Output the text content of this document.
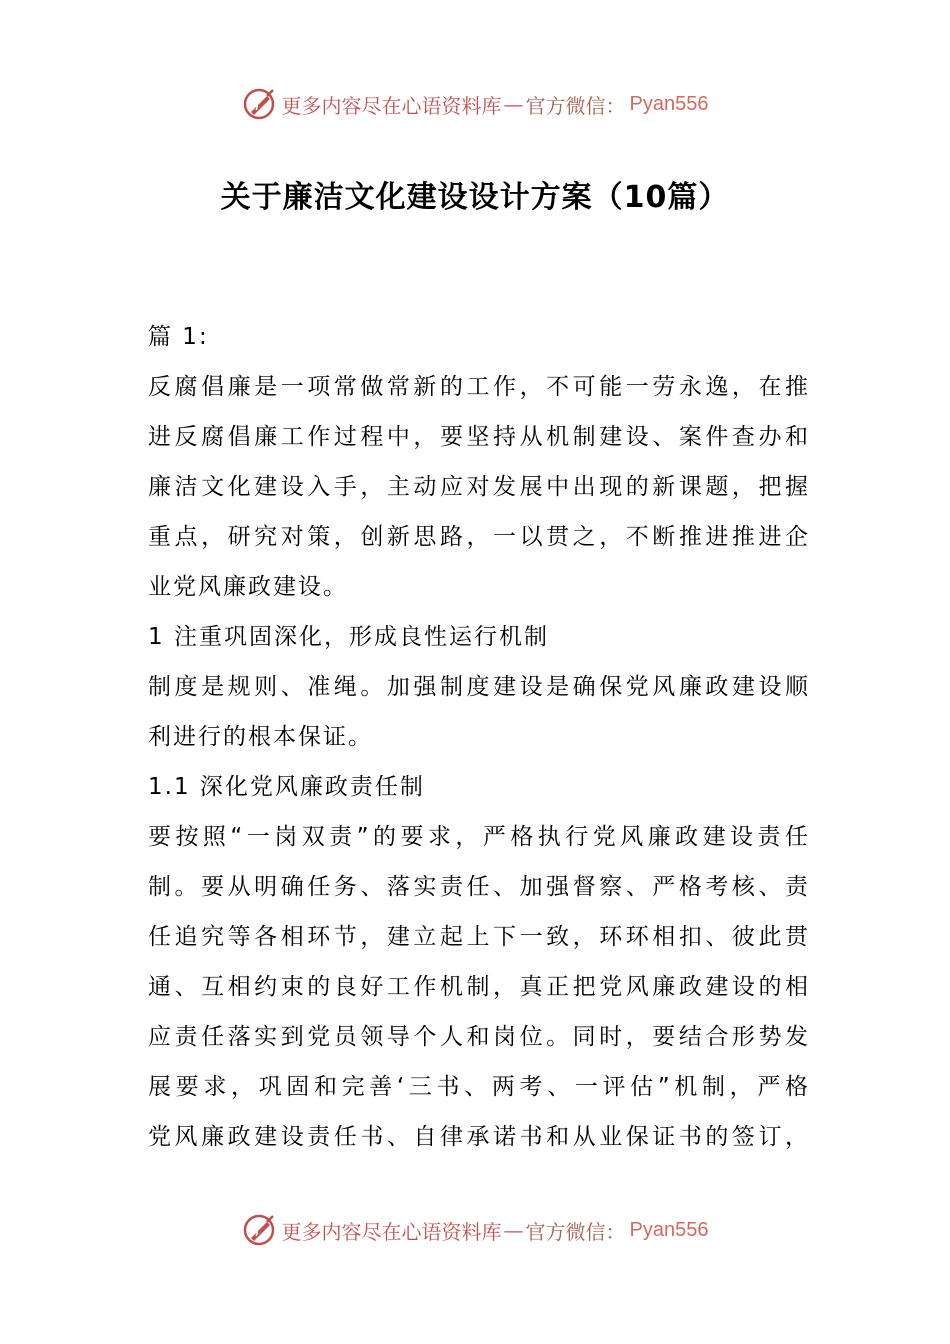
更多内容尽在心语资料库 — 官方微信： Pyan556
关于廉洁文化建设设计方案（10篇）
篇 1:
反腐倡廉是一项常做常新的工作，不可能一劳永逸，在推
进反腐倡廉工作过程中，要坚持从机制建设、案件查办和
廉洁文化建设入手，主动应对发展中出现的新课题，把握
重点，研究对策，创新思路，一以贯之，不断推进推进企
业党风廉政建设。
1 注重巩固深化，形成良性运行机制
制度是规则、准绳。加强制度建设是确保党风廉政建设顺
利进行的根本保证。
1.1 深化党风廉政责任制
要按照“一岗双责”的要求，严格执行党风廉政建设责任
制。要从明确任务、落实责任、加强督察、严格考核、责
任追究等各相环节，建立起上下一致，环环相扣、彼此贯
通、互相约束的良好工作机制，真正把党风廉政建设的相
应责任落实到党员领导个人和岗位。同时，要结合形势发
展要求，巩固和完善‘三书、两考、一评估”机制，严格
党风廉政建设责任书、自律承诺书和从业保证书的签订，
更多内容尽在心语资料库 — 官方微信： Pyan556
